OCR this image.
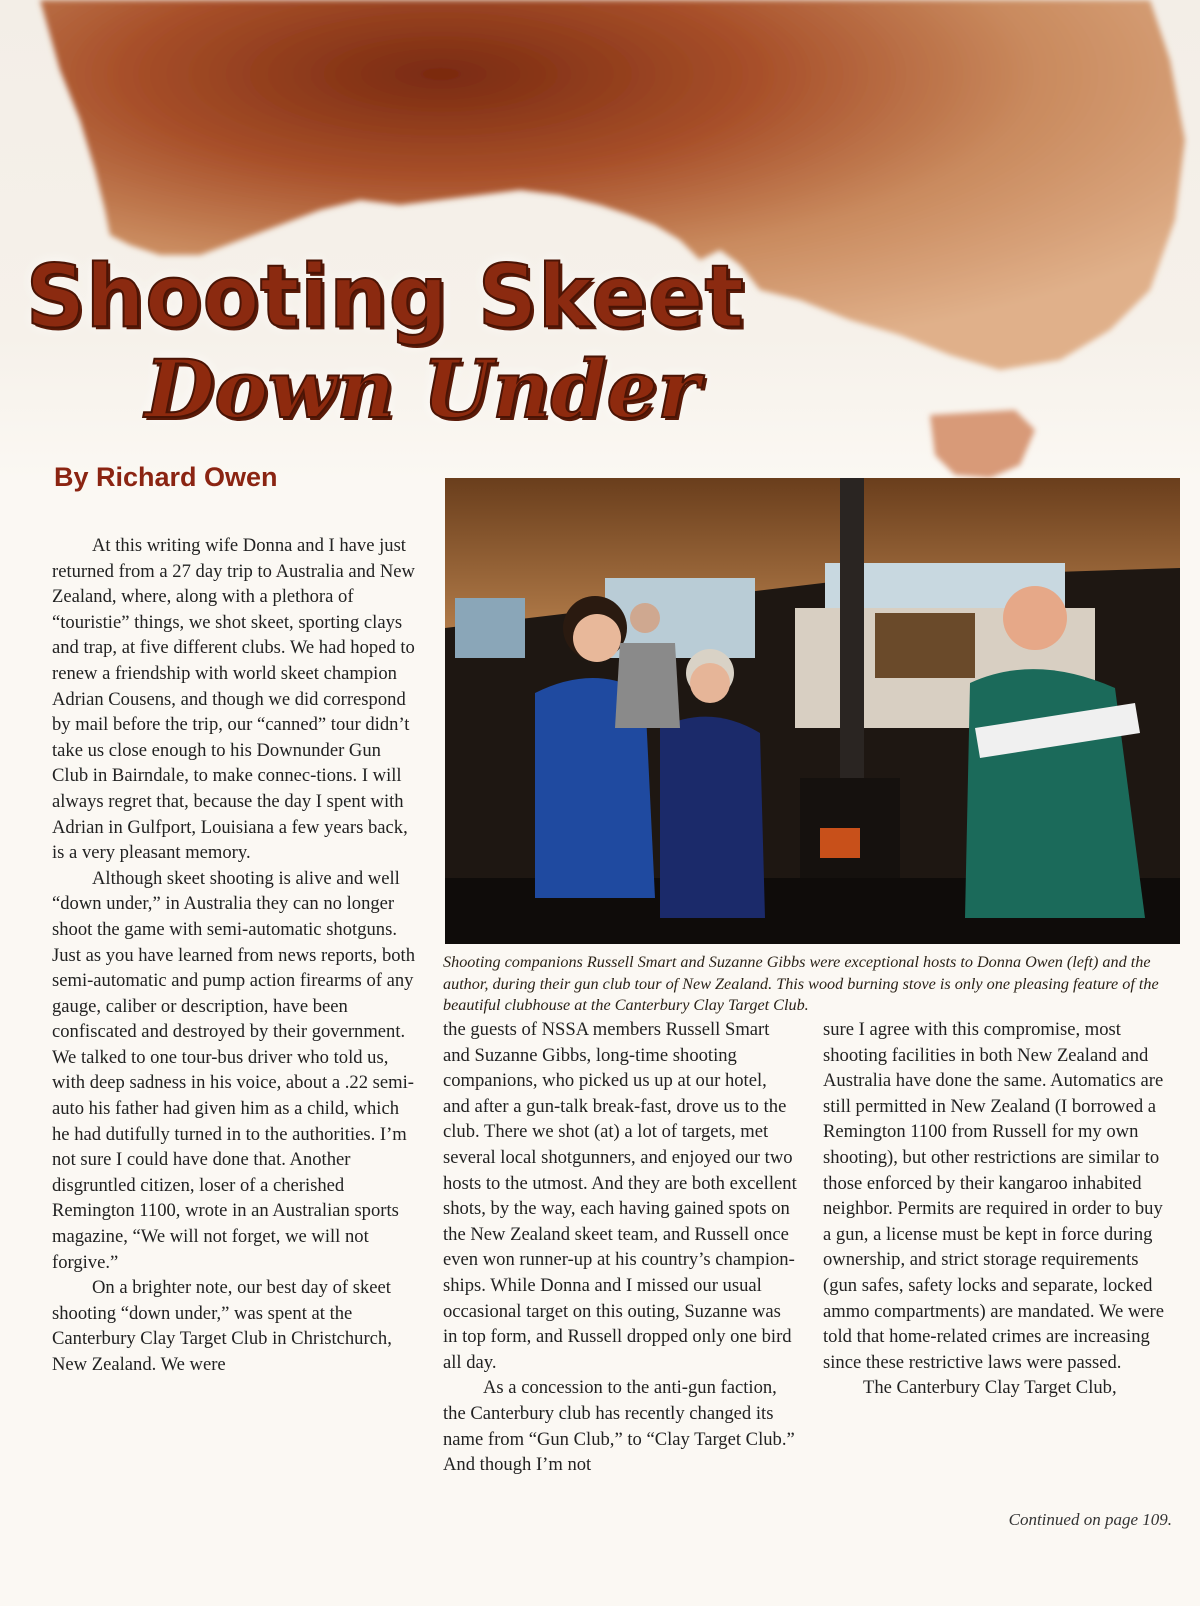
Shooting Skeet
Down Under
By Richard Owen

At this writing wife Donna and I have just returned from a 27 day trip to Australia and New Zealand, where, along with a plethora of “touristie” things, we shot skeet, sporting clays and trap, at five different clubs. We had hoped to renew a friendship with world skeet champion Adrian Cousens, and though we did correspond by mail before the trip, our “canned” tour didn’t take us close enough to his Downunder Gun Club in Bairndale, to make connec-tions. I will always regret that, because the day I spent with Adrian in Gulfport, Louisiana a few years back, is a very pleasant memory.

Although skeet shooting is alive and well “down under,” in Australia they can no longer shoot the game with semi-automatic shotguns. Just as you have learned from news reports, both semi-automatic and pump action firearms of any gauge, caliber or description, have been confiscated and destroyed by their government. We talked to one tour-bus driver who told us, with deep sadness in his voice, about a .22 semi-auto his father had given him as a child, which he had dutifully turned in to the authorities. I’m not sure I could have done that. Another disgruntled citizen, loser of a cherished Remington 1100, wrote in an Australian sports magazine, “We will not forget, we will not forgive.”

On a brighter note, our best day of skeet shooting “down under,” was spent at the Canterbury Clay Target Club in Christchurch, New Zealand. We were

Shooting companions Russell Smart and Suzanne Gibbs were exceptional hosts to Donna Owen (left) and the author, during their gun club tour of New Zealand. This wood burning stove is only one pleasing feature of the beautiful clubhouse at the Canterbury Clay Target Club.

the guests of NSSA members Russell Smart and Suzanne Gibbs, long-time shooting companions, who picked us up at our hotel, and after a gun-talk break-fast, drove us to the club. There we shot (at) a lot of targets, met several local shotgunners, and enjoyed our two hosts to the utmost. And they are both excellent shots, by the way, each having gained spots on the New Zealand skeet team, and Russell once even won runner-up at his country’s champion-ships. While Donna and I missed our usual occasional target on this outing, Suzanne was in top form, and Russell dropped only one bird all day.

As a concession to the anti-gun faction, the Canterbury club has recently changed its name from “Gun Club,” to “Clay Target Club.” And though I’m not

sure I agree with this compromise, most shooting facilities in both New Zealand and Australia have done the same. Automatics are still permitted in New Zealand (I borrowed a Remington 1100 from Russell for my own shooting), but other restrictions are similar to those enforced by their kangaroo inhabited neighbor. Permits are required in order to buy a gun, a license must be kept in force during ownership, and strict storage requirements (gun safes, safety locks and separate, locked ammo compartments) are mandated. We were told that home-related crimes are increasing since these restrictive laws were passed.

The Canterbury Clay Target Club,

Continued on page 109.
